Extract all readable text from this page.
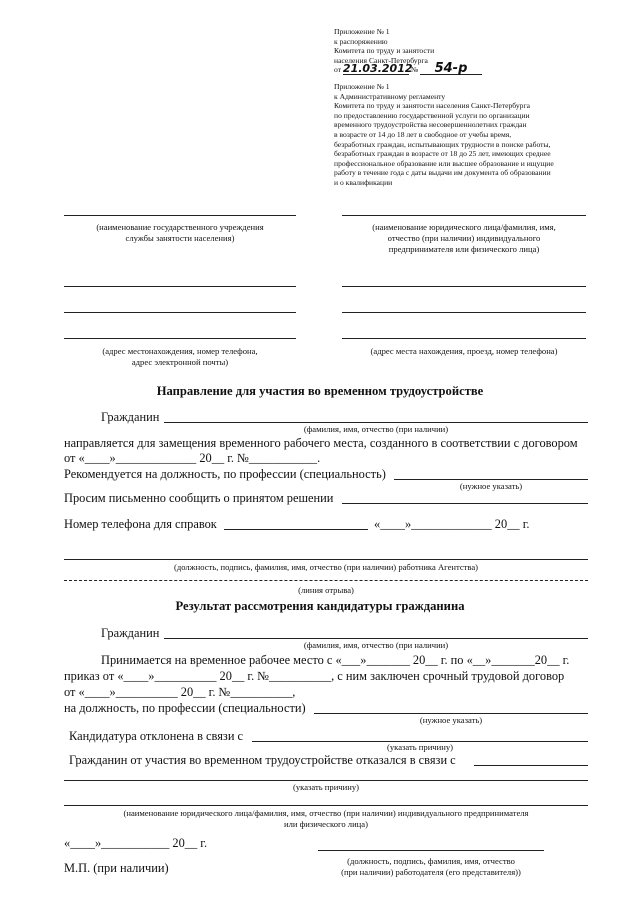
Приложение № 1
к распоряжению
Комитета по труду и занятости
населения Санкт-Петербурга
от 21.03.2012 № 54-р
Приложение № 1
к Административному регламенту
Комитета по труду и занятости населения Санкт-Петербурга
по предоставлению государственной услуги по организации
временного трудоустройства несовершеннолетних граждан
в возрасте от 14 до 18 лет в свободное от учебы время,
безработных граждан, испытывающих трудности в поиске работы,
безработных граждан в возрасте от 18 до 25 лет, имеющих среднее
профессиональное образование или высшее образование и ищущие
работу в течение года с даты выдачи им документа об образовании
и о квалификации
(наименование государственного учреждения
службы занятости населения)
(наименование юридического лица/фамилия, имя,
отчество (при наличии) индивидуального
предпринимателя или физического лица)
(адрес местонахождения, номер телефона,
адрес электронной почты)
(адрес места нахождения, проезд, номер телефона)
Направление для участия во временном трудоустройстве
Гражданин
(фамилия, имя, отчество (при наличии)
направляется для замещения временного рабочего места, созданного в соответствии с договором
от «____»_____________ 20__ г. №___________.
Рекомендуется на должность, по профессии (специальность)
(нужное указать)
Просим письменно сообщить о принятом решении
Номер телефона для справок	«____»_____________ 20__ г.
(должность, подпись, фамилия, имя, отчество (при наличии) работника Агентства)
(линия отрыва)
Результат рассмотрения кандидатуры гражданина
Гражданин
(фамилия, имя, отчество (при наличии)
Принимается на временное рабочее место с «___»_______ 20__ г. по «__»_______20__ г.
приказ от «____»__________ 20__ г. №__________, с ним заключен срочный трудовой договор
от «____»__________ 20__ г. №__________,
на должность, по профессии (специальности)
(нужное указать)
Кандидатура отклонена в связи с
(указать причину)
Гражданин от участия во временном трудоустройстве отказался в связи с
(указать причину)
(наименование юридического лица/фамилия, имя, отчество (при наличии) индивидуального предпринимателя
или физического лица)
«____»___________ 20__ г.
(должность, подпись, фамилия, имя, отчество
(при наличии) работодателя (его представителя))
М.П. (при наличии)
